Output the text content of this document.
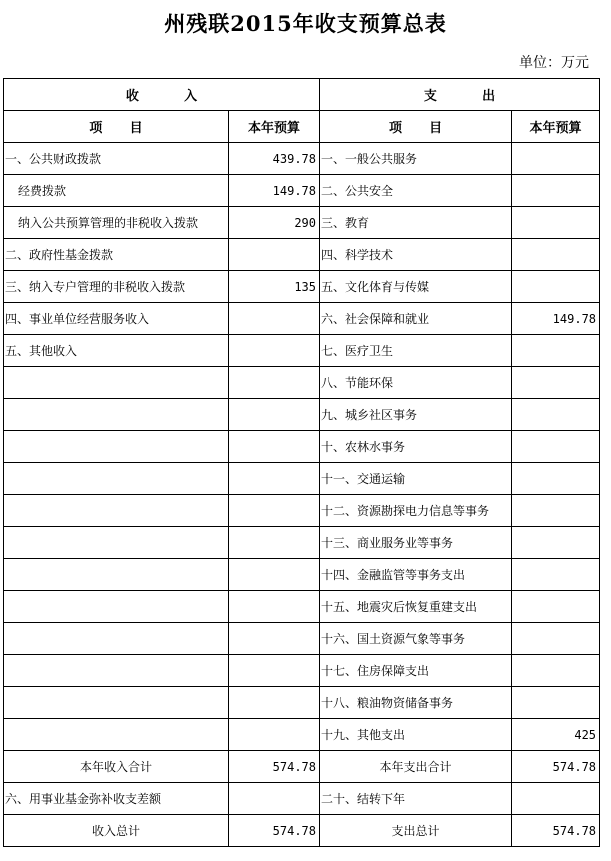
州残联2015年收支预算总表
单位：万元
收          入		支          出	
项      目	本年预算	项      目	本年预算
一、公共财政拨款	439.78	一、一般公共服务	
经费拨款	149.78	二、公共安全	
纳入公共预算管理的非税收入拨款	290	三、教育	
二、政府性基金拨款		四、科学技术	
三、纳入专户管理的非税收入拨款	135	五、文化体育与传媒	
四、事业单位经营服务收入		六、社会保障和就业	149.78
五、其他收入		七、医疗卫生	
		八、节能环保	
		九、城乡社区事务	
		十、农林水事务	
		十一、交通运输	
		十二、资源勘探电力信息等事务	
		十三、商业服务业等事务	
		十四、金融监管等事务支出	
		十五、地震灾后恢复重建支出	
		十六、国土资源气象等事务	
		十七、住房保障支出	
		十八、粮油物资储备事务	
		十九、其他支出	425
本年收入合计	574.78	本年支出合计	574.78
六、用事业基金弥补收支差额		二十、结转下年	
收入总计	574.78	支出总计	574.78
